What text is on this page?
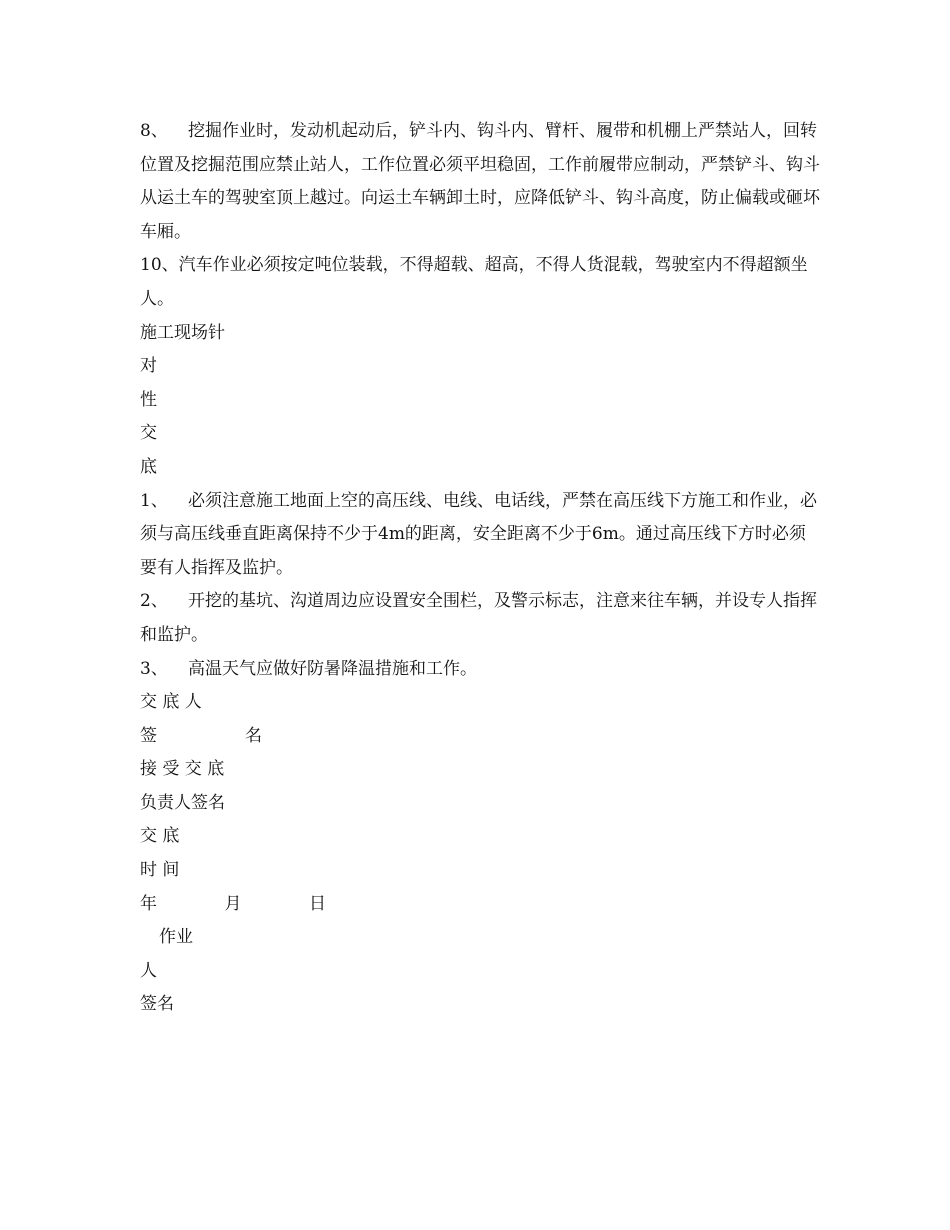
8、	挖掘作业时，发动机起动后，铲斗内、钩斗内、臂杆、履带和机棚上严禁站人，回转位置及挖掘范围应禁止站人，工作位置必须平坦稳固，工作前履带应制动，严禁铲斗、钩斗从运土车的驾驶室顶上越过。向运土车辆卸土时，应降低铲斗、钩斗高度，防止偏载或砸坏车厢。

10、汽车作业必须按定吨位装载，不得超载、超高，不得人货混载，驾驶室内不得超额坐人。

施工现场针

对

性

交

底

1、	必须注意施工地面上空的高压线、电线、电话线，严禁在高压线下方施工和作业，必须与高压线垂直距离保持不少于4m的距离，安全距离不少于6m。通过高压线下方时必须要有人指挥及监护。
2、	开挖的基坑、沟道周边应设置安全围栏，及警示标志，注意来往车辆，并设专人指挥和监护。
3、	高温天气应做好防暑降温措施和工作。

交 底 人

签	名

接 受 交 底

负责人签名

交 底

时 间

年	月	日

作业

人

签名
